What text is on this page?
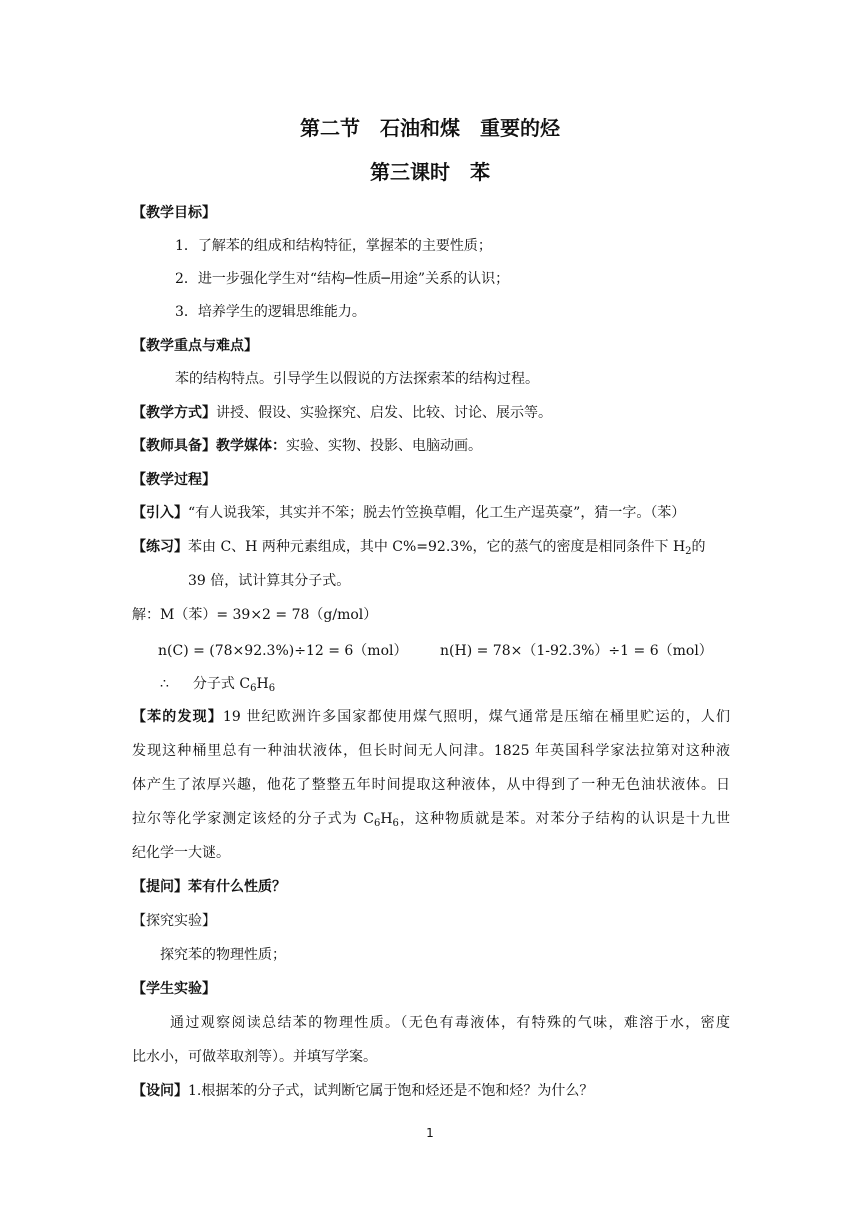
第二节　石油和煤　重要的烃
第三课时　苯
【教学目标】
1．了解苯的组成和结构特征，掌握苯的主要性质；
2．进一步强化学生对“结构─性质─用途”关系的认识；
3．培养学生的逻辑思维能力。
【教学重点与难点】
苯的结构特点。引导学生以假说的方法探索苯的结构过程。
【教学方式】讲授、假设、实验探究、启发、比较、讨论、展示等。
【教师具备】教学媒体：实验、实物、投影、电脑动画。
【教学过程】
【引入】“有人说我笨，其实并不笨；脱去竹笠换草帽，化工生产逞英豪”，猜一字。（苯）
【练习】苯由 C、H 两种元素组成，其中 C%=92.3%，它的蒸气的密度是相同条件下 $H_2$的
39 倍，试计算其分子式。
解：M（苯）= 39×2 = 78（g/mol）
n(C) = (78×92.3%)÷12 = 6（mol） n(H) = 78×（1-92.3%）÷1 = 6（mol）
∴ 分子式 $C_6H_6$
【苯的发现】19 世纪欧洲许多国家都使用煤气照明，煤气通常是压缩在桶里贮运的，人们
发现这种桶里总有一种油状液体，但长时间无人问津。1825 年英国科学家法拉第对这种液
体产生了浓厚兴趣，他花了整整五年时间提取这种液体，从中得到了一种无色油状液体。日
拉尔等化学家测定该烃的分子式为 $C_6H_6$，这种物质就是苯。对苯分子结构的认识是十九世
纪化学一大谜。
【提问】苯有什么性质？
【探究实验】
探究苯的物理性质；
【学生实验】
通过观察阅读总结苯的物理性质。（无色有毒液体，有特殊的气味，难溶于水，密度
比水小，可做萃取剂等）。并填写学案。
【设问】1.根据苯的分子式，试判断它属于饱和烃还是不饱和烃？为什么？
1
